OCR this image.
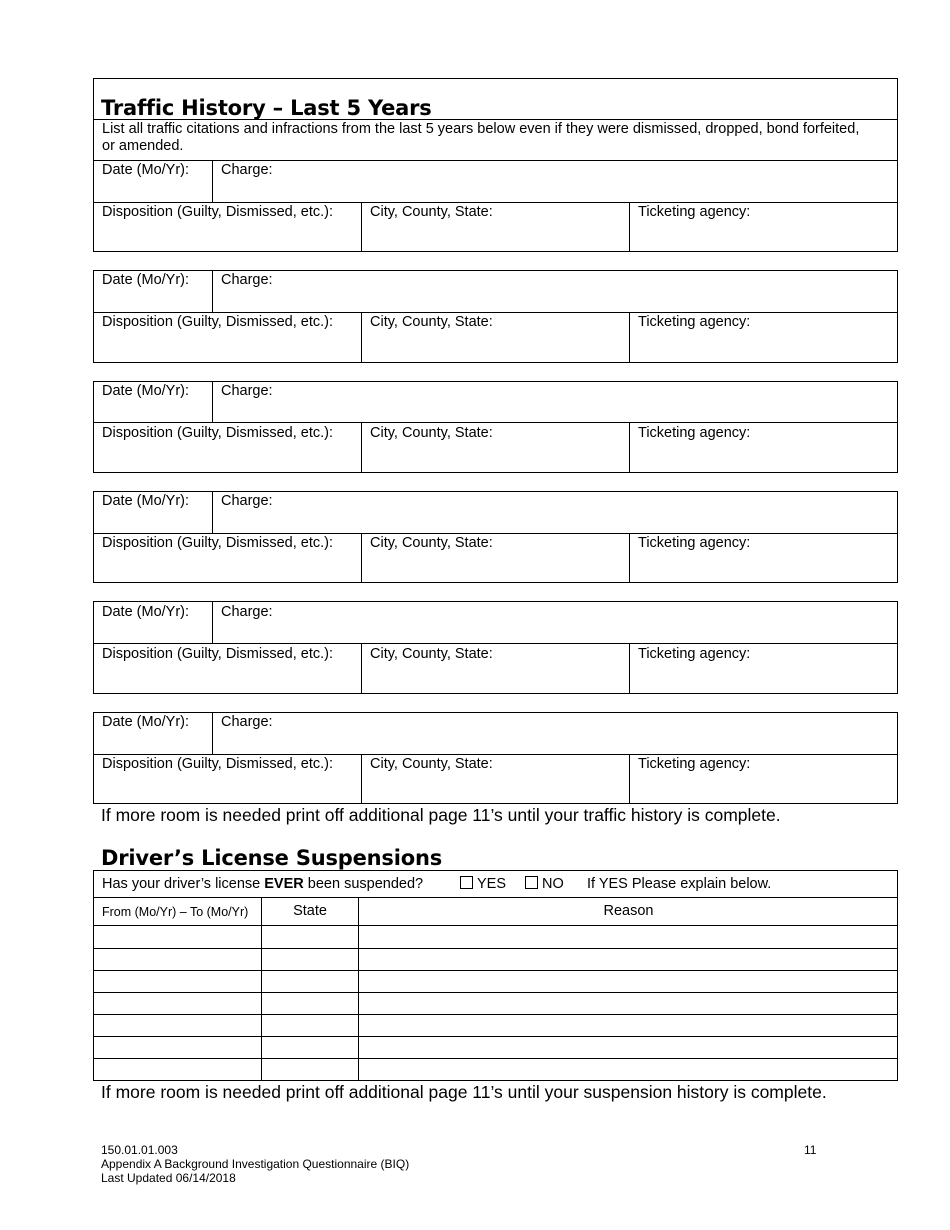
Traffic History – Last 5 Years
List all traffic citations and infractions from the last 5 years below even if they were dismissed, dropped, bond forfeited, or amended.
Date (Mo/Yr): Charge:
Disposition (Guilty, Dismissed, etc.):	City, County, State:	Ticketing agency:
Date (Mo/Yr): Charge:
Disposition (Guilty, Dismissed, etc.):	City, County, State:	Ticketing agency:
Date (Mo/Yr): Charge:
Disposition (Guilty, Dismissed, etc.):	City, County, State:	Ticketing agency:
Date (Mo/Yr): Charge:
Disposition (Guilty, Dismissed, etc.):	City, County, State:	Ticketing agency:
Date (Mo/Yr): Charge:
Disposition (Guilty, Dismissed, etc.):	City, County, State:	Ticketing agency:
Date (Mo/Yr): Charge:
Disposition (Guilty, Dismissed, etc.):	City, County, State:	Ticketing agency:
If more room is needed print off additional page 11’s until your traffic history is complete.
Driver’s License Suspensions
Has your driver’s license EVER been suspended?	YES	NO If YES Please explain below.
From (Mo/Yr) – To (Mo/Yr)	State	Reason
If more room is needed print off additional page 11’s until your suspension history is complete.
150.01.01.003
Appendix A Background Investigation Questionnaire (BIQ)
Last Updated 06/14/2018
11
